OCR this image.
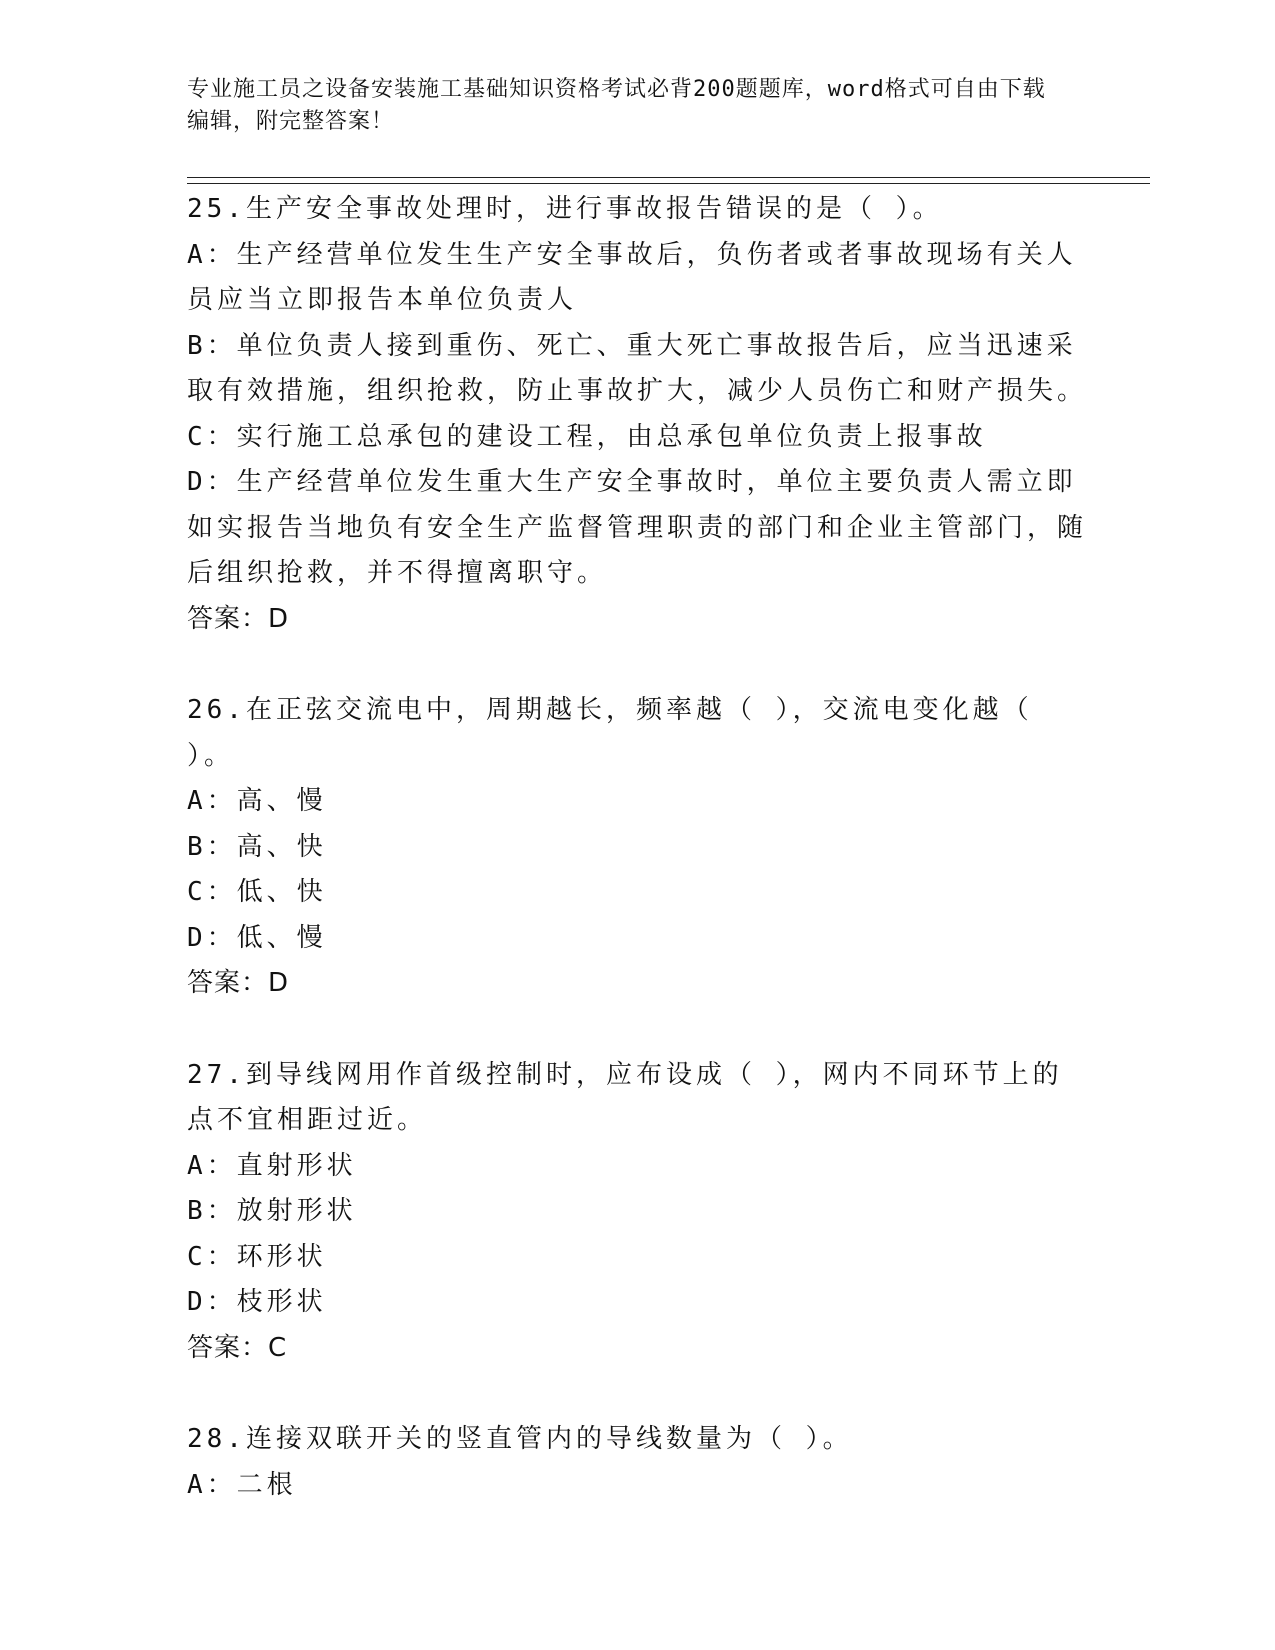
专业施工员之设备安装施工基础知识资格考试必背200题题库，word格式可自由下载编辑，附完整答案！

25.生产安全事故处理时，进行事故报告错误的是（ ）。

A：生产经营单位发生生产安全事故后，负伤者或者事故现场有关人员应当立即报告本单位负责人

B：单位负责人接到重伤、死亡、重大死亡事故报告后，应当迅速采取有效措施，组织抢救，防止事故扩大，减少人员伤亡和财产损失。

C：实行施工总承包的建设工程，由总承包单位负责上报事故

D：生产经营单位发生重大生产安全事故时，单位主要负责人需立即如实报告当地负有安全生产监督管理职责的部门和企业主管部门，随后组织抢救，并不得擅离职守。

答案：D

26.在正弦交流电中，周期越长，频率越（ ），交流电变化越（ ）。

A：高、慢

B：高、快

C：低、快

D：低、慢

答案：D

27.到导线网用作首级控制时，应布设成（ ），网内不同环节上的点不宜相距过近。

A：直射形状

B：放射形状

C：环形状

D：枝形状

答案：C

28.连接双联开关的竖直管内的导线数量为（ ）。

A：二根
